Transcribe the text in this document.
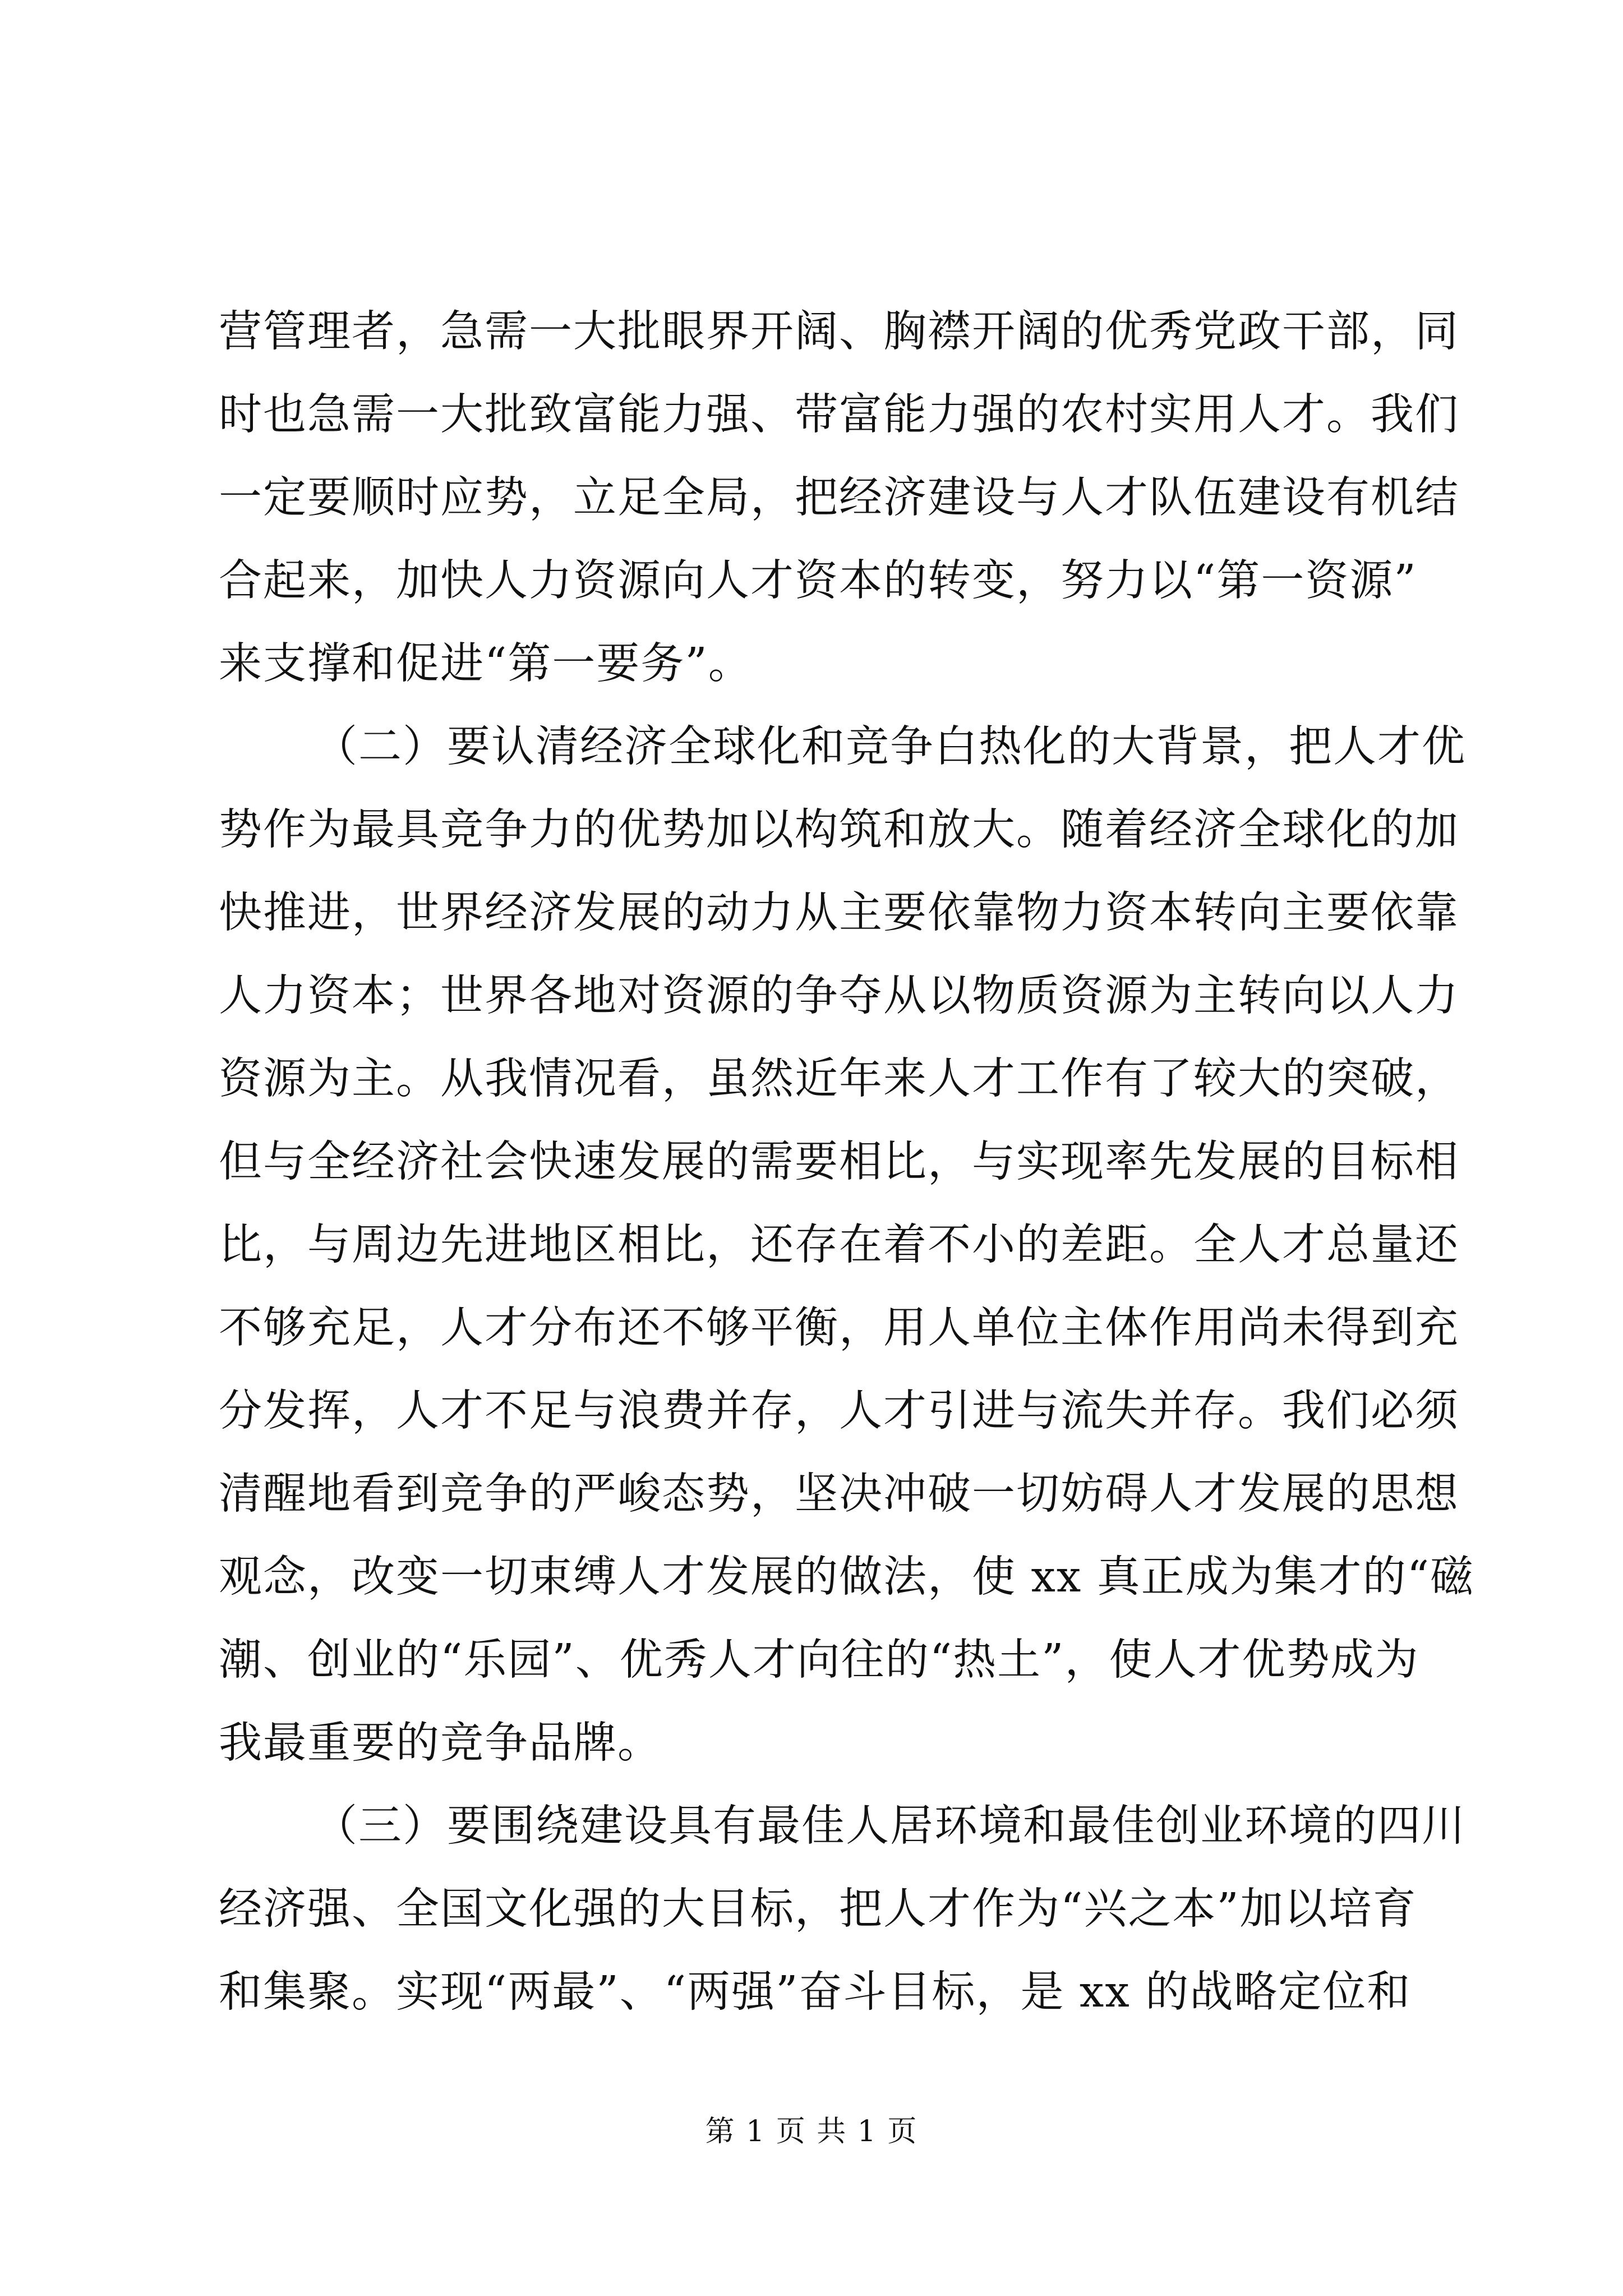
营管理者，急需一大批眼界开阔、胸襟开阔的优秀党政干部，同
时也急需一大批致富能力强、带富能力强的农村实用人才。我们
一定要顺时应势，立足全局，把经济建设与人才队伍建设有机结
合起来，加快人力资源向人才资本的转变，努力以“第一资源”
来支撑和促进“第一要务”。
（二）要认清经济全球化和竞争白热化的大背景，把人才优
势作为最具竞争力的优势加以构筑和放大。随着经济全球化的加
快推进，世界经济发展的动力从主要依靠物力资本转向主要依靠
人力资本；世界各地对资源的争夺从以物质资源为主转向以人力
资源为主。从我情况看，虽然近年来人才工作有了较大的突破，
但与全经济社会快速发展的需要相比，与实现率先发展的目标相
比，与周边先进地区相比，还存在着不小的差距。全人才总量还
不够充足，人才分布还不够平衡，用人单位主体作用尚未得到充
分发挥，人才不足与浪费并存，人才引进与流失并存。我们必须
清醒地看到竞争的严峻态势，坚决冲破一切妨碍人才发展的思想
观念，改变一切束缚人才发展的做法，使 xx 真正成为集才的“磁
潮、创业的“乐园”、优秀人才向往的“热土”，使人才优势成为
我最重要的竞争品牌。
（三）要围绕建设具有最佳人居环境和最佳创业环境的四川
经济强、全国文化强的大目标，把人才作为“兴之本”加以培育
和集聚。实现“两最”、“两强”奋斗目标，是 xx 的战略定位和
第 1 页 共 1 页
